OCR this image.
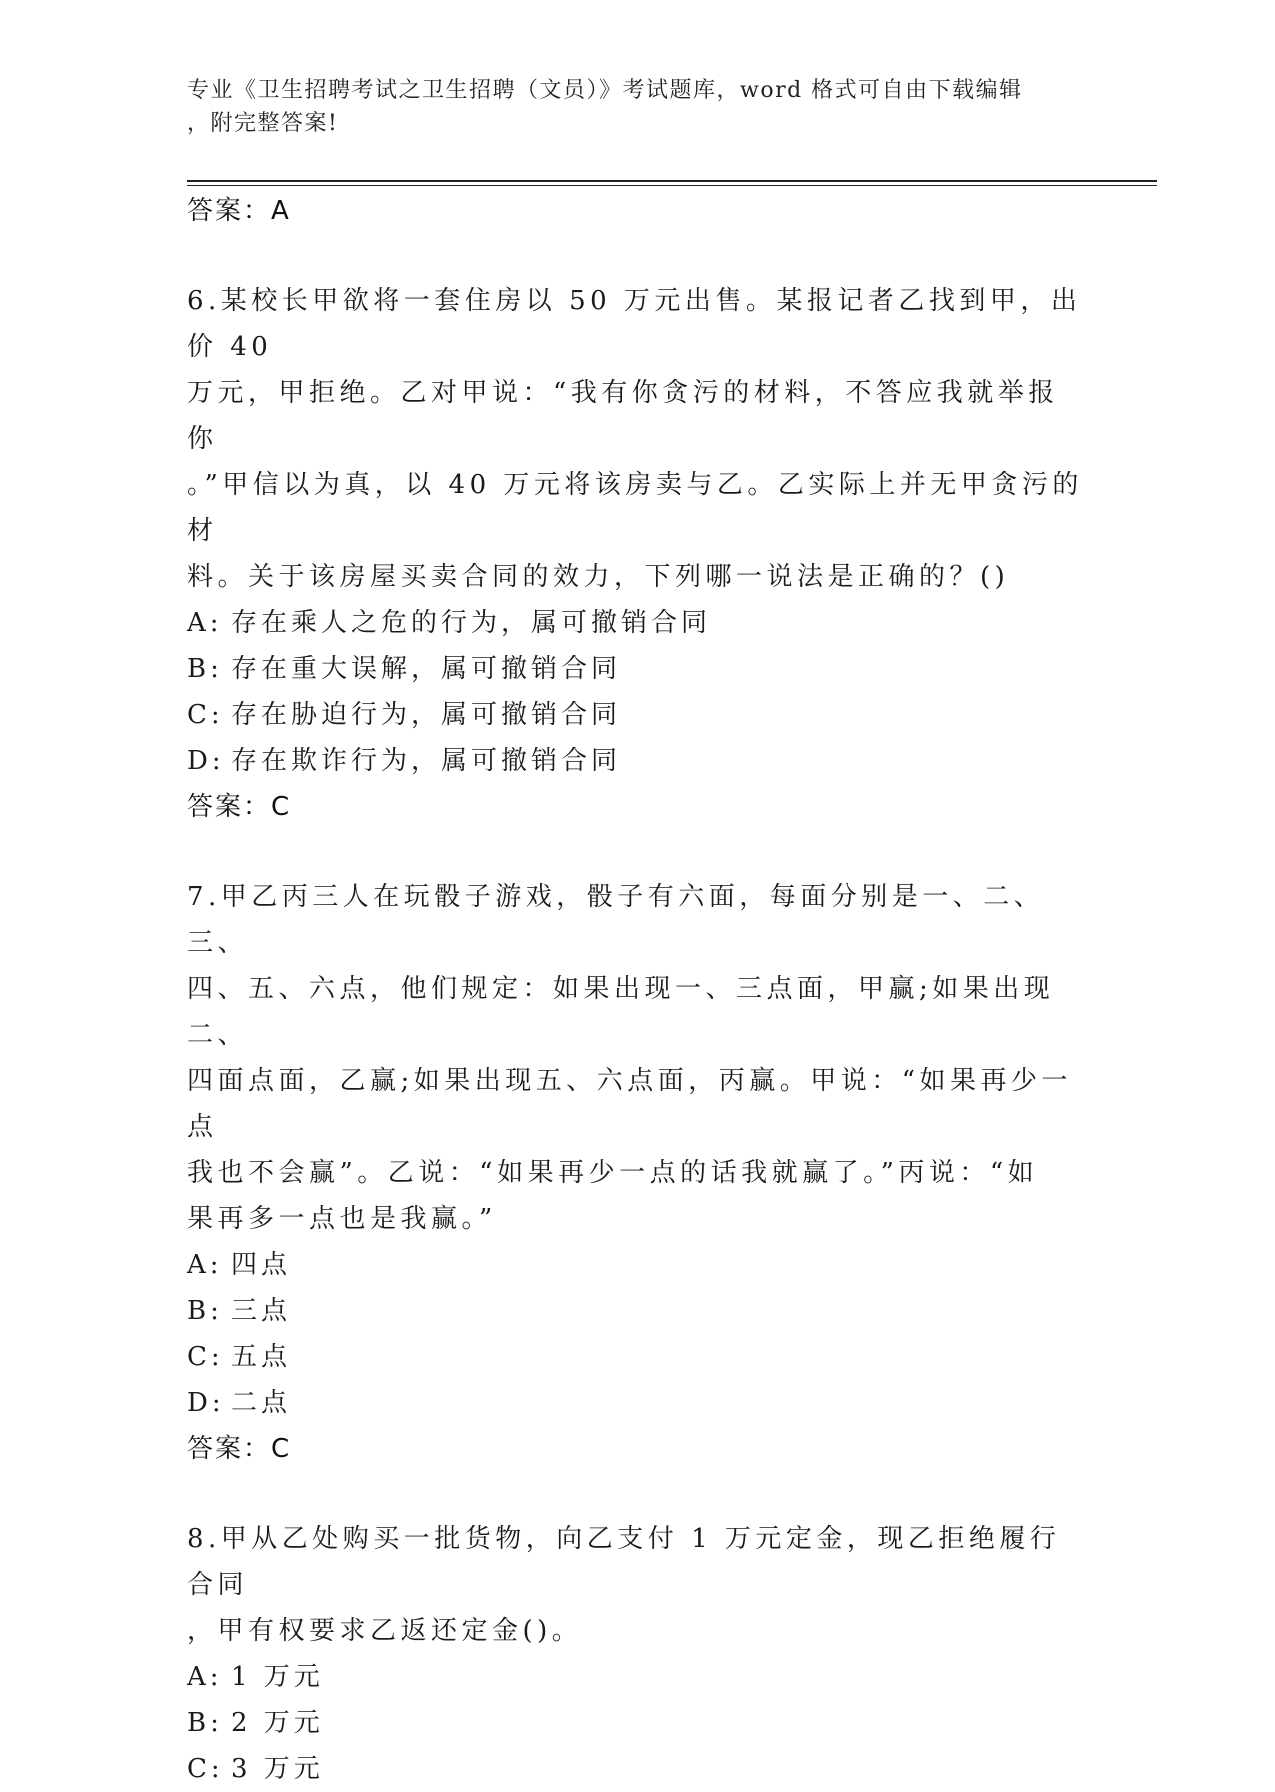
专业《卫生招聘考试之卫生招聘（文员）》考试题库，word 格式可自由下载编辑
，附完整答案!
答案：A
6.某校长甲欲将一套住房以 50 万元出售。某报记者乙找到甲，出价 40
万元，甲拒绝。乙对甲说：“我有你贪污的材料，不答应我就举报你
。”甲信以为真，以 40 万元将该房卖与乙。乙实际上并无甲贪污的材
料。关于该房屋买卖合同的效力，下列哪一说法是正确的？()
A: 存在乘人之危的行为，属可撤销合同
B: 存在重大误解，属可撤销合同
C: 存在胁迫行为，属可撤销合同
D: 存在欺诈行为，属可撤销合同
答案：C
7.甲乙丙三人在玩骰子游戏，骰子有六面，每面分别是一、二、三、
四、五、六点，他们规定：如果出现一、三点面，甲赢;如果出现二、
四面点面，乙赢;如果出现五、六点面，丙赢。甲说：“如果再少一点
我也不会赢”。乙说：“如果再少一点的话我就赢了。”丙说：“如
果再多一点也是我赢。”
A: 四点
B: 三点
C: 五点
D: 二点
答案：C
8.甲从乙处购买一批货物，向乙支付 1 万元定金，现乙拒绝履行合同
，甲有权要求乙返还定金()。
A: 1 万元
B: 2 万元
C: 3 万元
